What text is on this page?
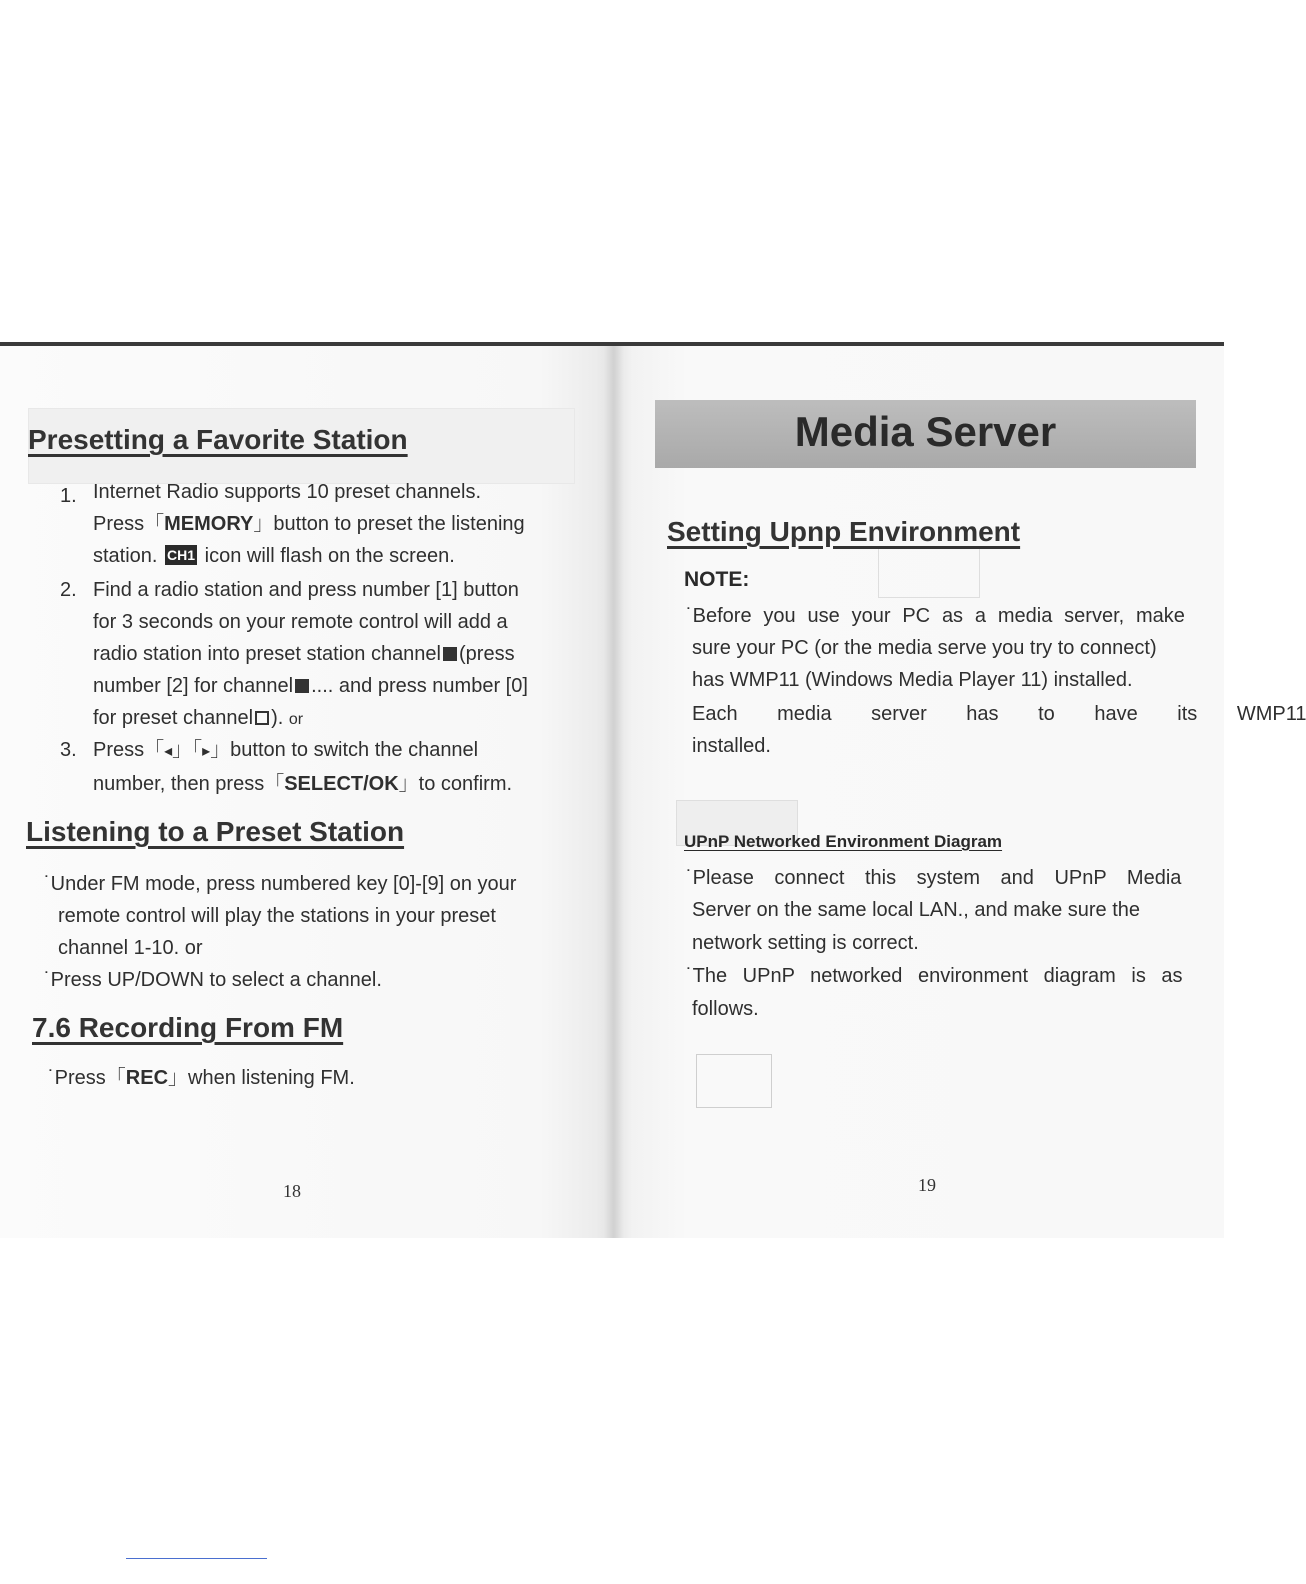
Presetting a Favorite Station
1. Internet Radio supports 10 preset channels.
Press「MEMORY」button to preset the listening
station. CH1 icon will flash on the screen.
2. Find a radio station and press number [1] button
for 3 seconds on your remote control will add a
radio station into preset station channel (press
number [2] for channel .... and press number [0]
for preset channel ). or
3. Press「◂」「▸」button to switch the channel
number, then press「SELECT/OK」to confirm.
Listening to a Preset Station
˙Under FM mode, press numbered key [0]-[9] on your
remote control will play the stations in your preset
channel 1-10. or
˙Press UP/DOWN to select a channel.
7.6 Recording From FM
˙Press「REC」when listening FM.
18
Media Server
Setting Upnp Environment
NOTE:
˙Before you use your PC as a media server, make
sure your PC (or the media serve you try to connect)
has WMP11 (Windows Media Player 11) installed.
Each media server has to have its WMP11
installed.
UPnP Networked Environment Diagram
˙Please connect this system and UPnP Media
Server on the same local LAN., and make sure the
network setting is correct.
˙The UPnP networked environment diagram is as
follows.
19
